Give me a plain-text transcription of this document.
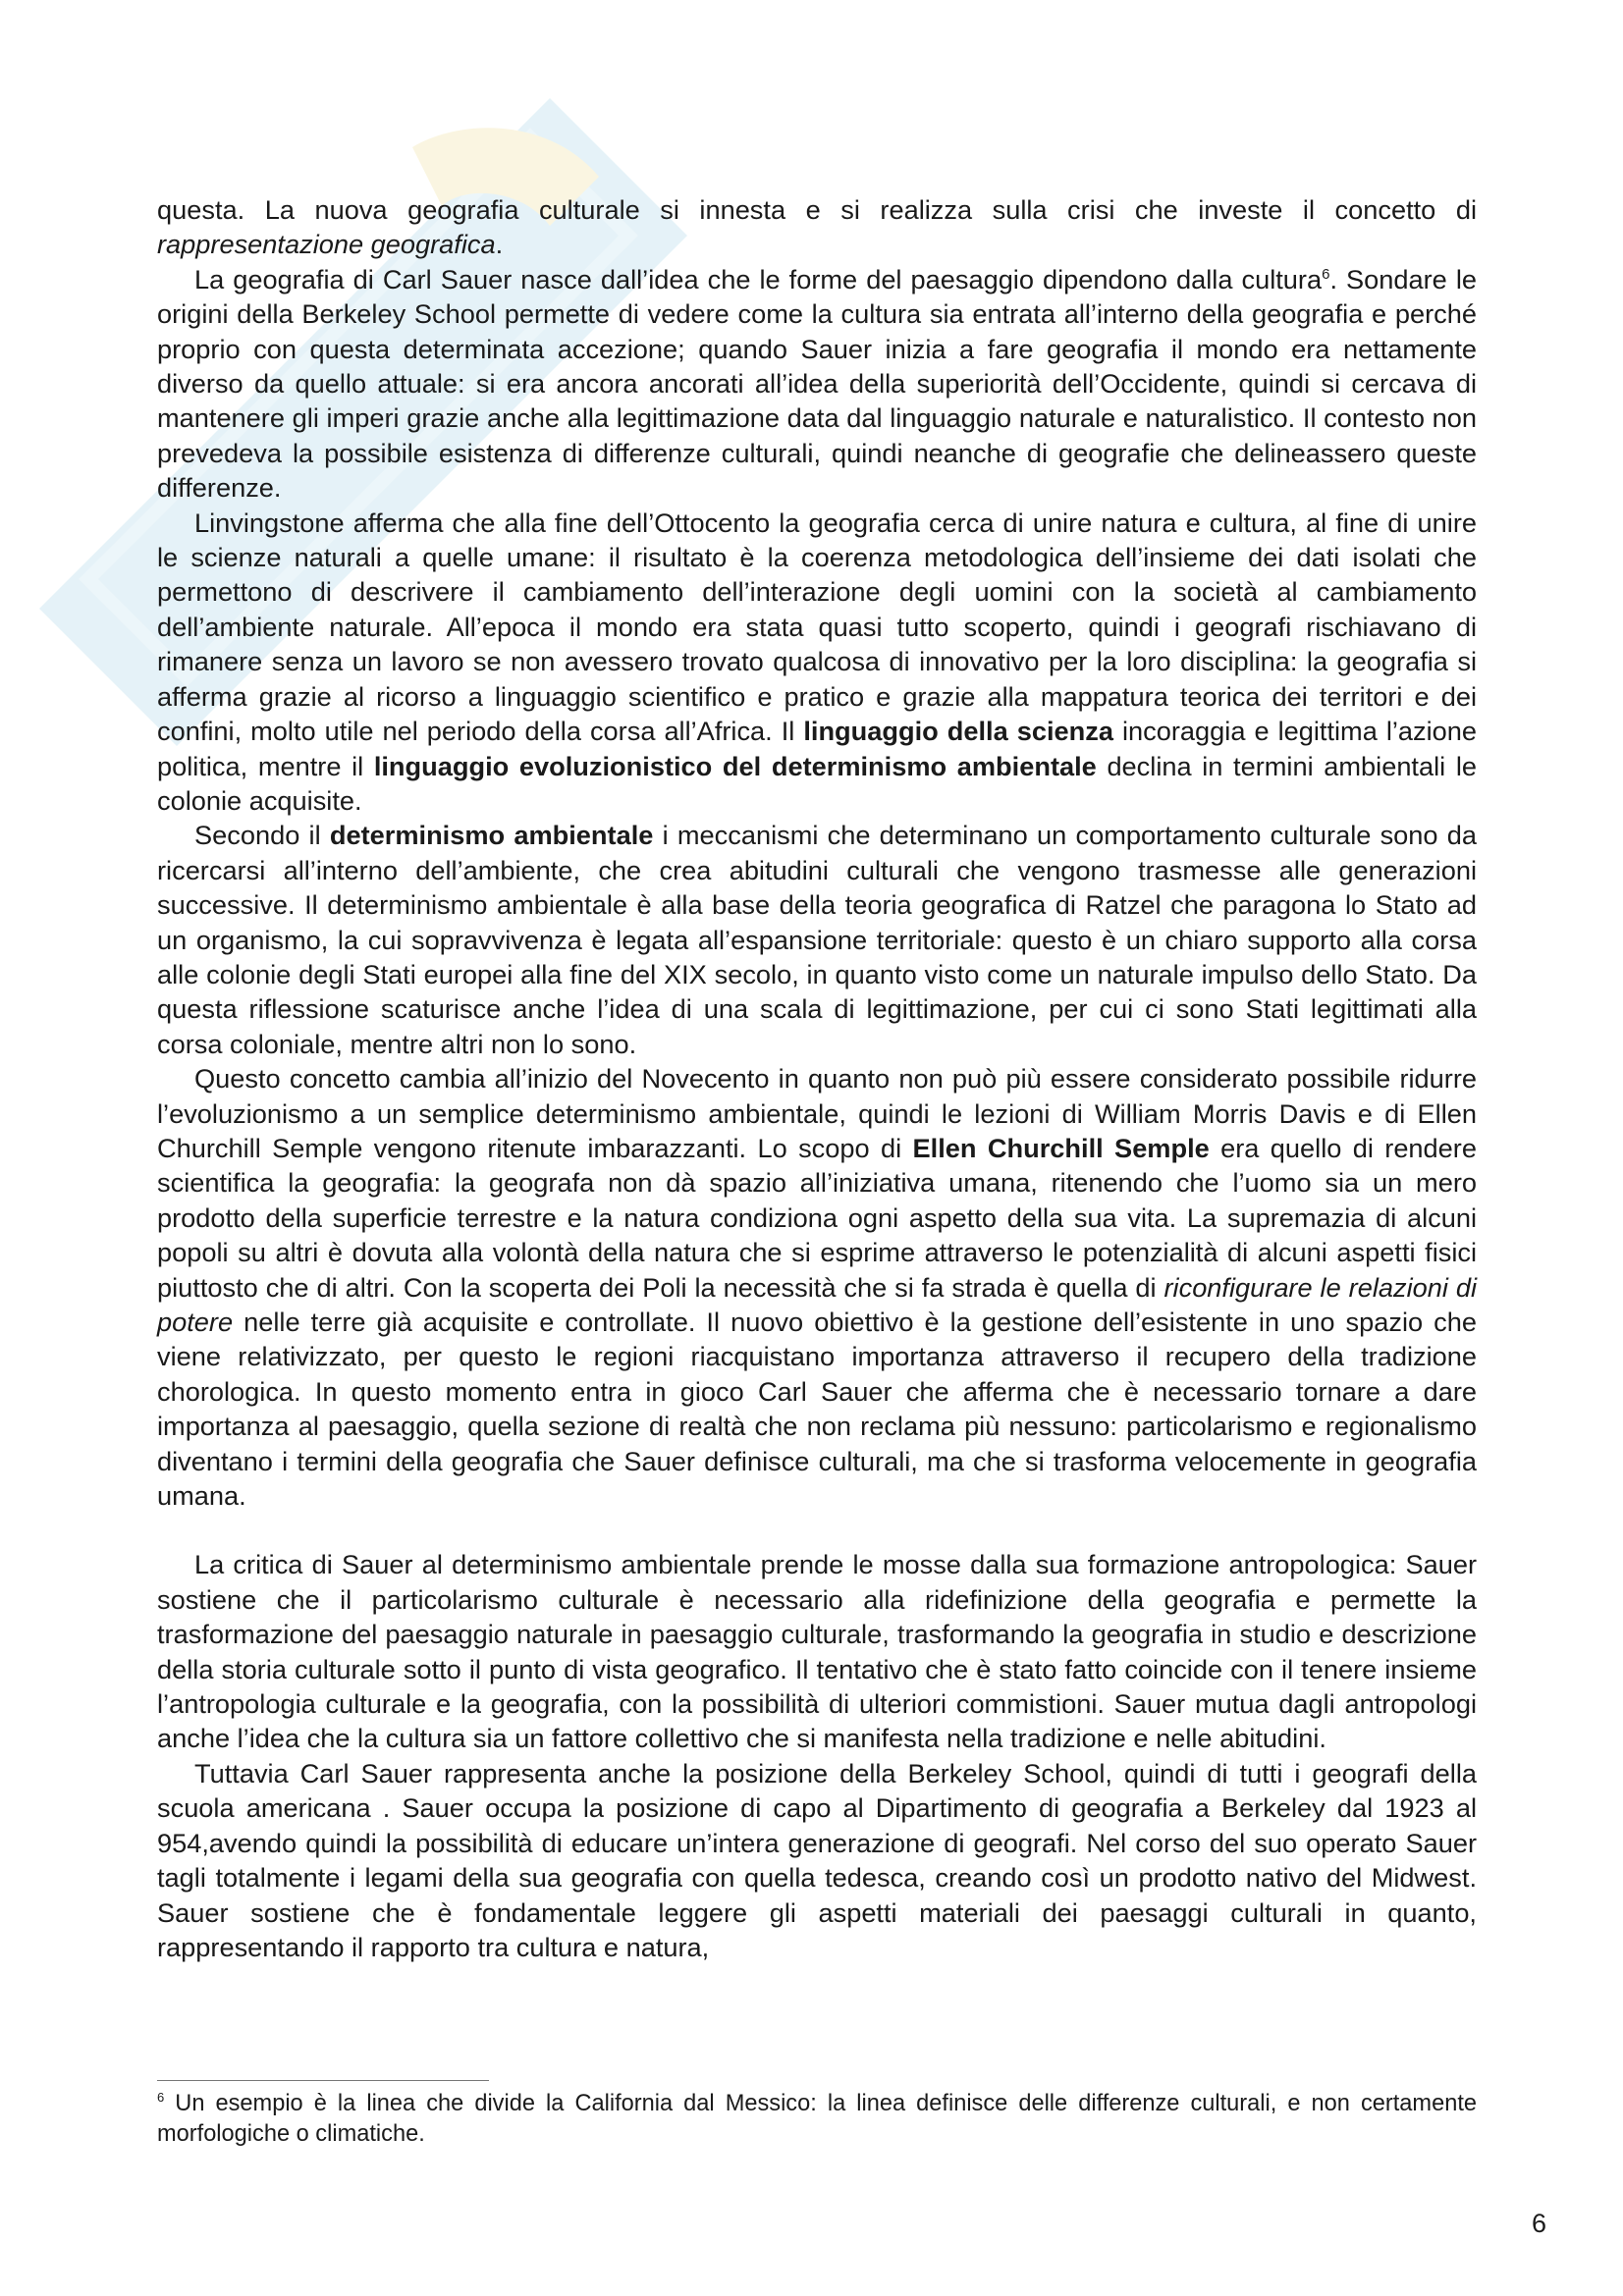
questa. La nuova geografia culturale si innesta e si realizza sulla crisi che investe il concetto di rappresentazione geografica.

La geografia di Carl Sauer nasce dall’idea che le forme del paesaggio dipendono dalla cultura$^6$. Sondare le origini della Berkeley School permette di vedere come la cultura sia entrata all’interno della geografia e perché proprio con questa determinata accezione; quando Sauer inizia a fare geografia il mondo era nettamente diverso da quello attuale: si era ancora ancorati all’idea della superiorità dell’Occidente, quindi si cercava di mantenere gli imperi grazie anche alla legittimazione data dal linguaggio naturale e naturalistico. Il contesto non prevedeva la possibile esistenza di differenze culturali, quindi neanche di geografie che delineassero queste differenze.

Linvingstone afferma che alla fine dell’Ottocento la geografia cerca di unire natura e cultura, al fine di unire le scienze naturali a quelle umane: il risultato è la coerenza metodologica dell’insieme dei dati isolati che permettono di descrivere il cambiamento dell’interazione degli uomini con la società al cambiamento dell’ambiente naturale. All’epoca il mondo era stata quasi tutto scoperto, quindi i geografi rischiavano di rimanere senza un lavoro se non avessero trovato qualcosa di innovativo per la loro disciplina: la geografia si afferma grazie al ricorso a linguaggio scientifico e pratico e grazie alla mappatura teorica dei territori e dei confini, molto utile nel periodo della corsa all’Africa. Il linguaggio della scienza incoraggia e legittima l’azione politica, mentre il linguaggio evoluzionistico del determinismo ambientale declina in termini ambientali le colonie acquisite.

Secondo il determinismo ambientale i meccanismi che determinano un comportamento culturale sono da ricercarsi all’interno dell’ambiente, che crea abitudini culturali che vengono trasmesse alle generazioni successive. Il determinismo ambientale è alla base della teoria geografica di Ratzel che paragona lo Stato ad un organismo, la cui sopravvivenza è legata all’espansione territoriale: questo è un chiaro supporto alla corsa alle colonie degli Stati europei alla fine del XIX secolo, in quanto visto come un naturale impulso dello Stato. Da questa riflessione scaturisce anche l’idea di una scala di legittimazione, per cui ci sono Stati legittimati alla corsa coloniale, mentre altri non lo sono.

Questo concetto cambia all’inizio del Novecento in quanto non può più essere considerato possibile ridurre l’evoluzionismo a un semplice determinismo ambientale, quindi le lezioni di William Morris Davis e di Ellen Churchill Semple vengono ritenute imbarazzanti. Lo scopo di Ellen Churchill Semple era quello di rendere scientifica la geografia: la geografa non dà spazio all’iniziativa umana, ritenendo che l’uomo sia un mero prodotto della superficie terrestre e la natura condiziona ogni aspetto della sua vita. La supremazia di alcuni popoli su altri è dovuta alla volontà della natura che si esprime attraverso le potenzialità di alcuni aspetti fisici piuttosto che di altri. Con la scoperta dei Poli la necessità che si fa strada è quella di riconfigurare le relazioni di potere nelle terre già acquisite e controllate. Il nuovo obiettivo è la gestione dell’esistente in uno spazio che viene relativizzato, per questo le regioni riacquistano importanza attraverso il recupero della tradizione chorologica. In questo momento entra in gioco Carl Sauer che afferma che è necessario tornare a dare importanza al paesaggio, quella sezione di realtà che non reclama più nessuno: particolarismo e regionalismo diventano i termini della geografia che Sauer definisce culturali, ma che si trasforma velocemente in geografia umana.

La critica di Sauer al determinismo ambientale prende le mosse dalla sua formazione antropologica: Sauer sostiene che il particolarismo culturale è necessario alla ridefinizione della geografia e permette la trasformazione del paesaggio naturale in paesaggio culturale, trasformando la geografia in studio e descrizione della storia culturale sotto il punto di vista geografico. Il tentativo che è stato fatto coincide con il tenere insieme l’antropologia culturale e la geografia, con la possibilità di ulteriori commistioni. Sauer mutua dagli antropologi anche l’idea che la cultura sia un fattore collettivo che si manifesta nella tradizione e nelle abitudini.

Tuttavia Carl Sauer rappresenta anche la posizione della Berkeley School, quindi di tutti i geografi della scuola americana . Sauer occupa la posizione di capo al Dipartimento di geografia a Berkeley dal 1923 al 954,avendo quindi la possibilità di educare un’intera generazione di geografi. Nel corso del suo operato Sauer tagli totalmente i legami della sua geografia con quella tedesca, creando così un prodotto nativo del Midwest. Sauer sostiene che è fondamentale leggere gli aspetti materiali dei paesaggi culturali in quanto, rappresentando il rapporto tra cultura e natura,

$^6$ Un esempio è la linea che divide la California dal Messico: la linea definisce delle differenze culturali, e non certamente morfologiche o climatiche.
6
